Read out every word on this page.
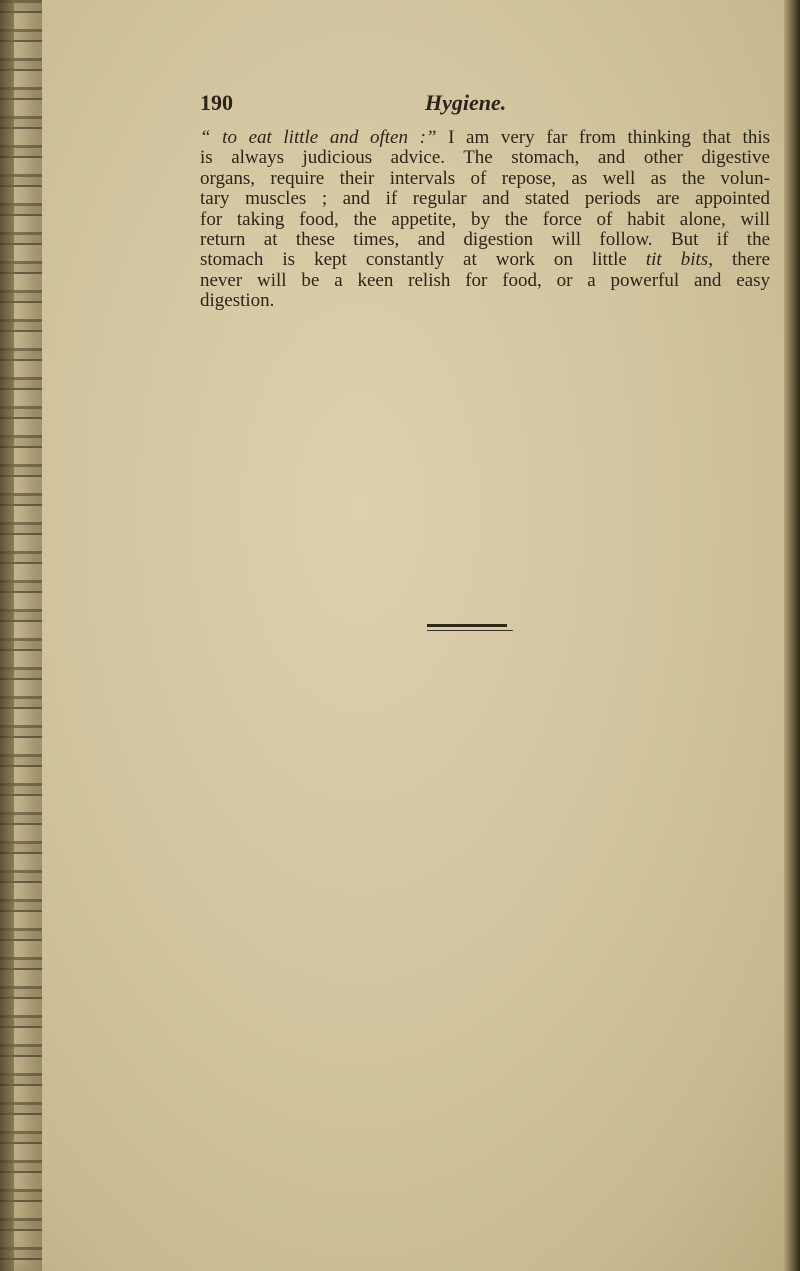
190	Hygiene.

“ to eat little and often :” I am very far from thinking that this
is always judicious advice. The stomach, and other digestive
organs, require their intervals of repose, as well as the volun-
tary muscles ; and if regular and stated periods are appointed
for taking food, the appetite, by the force of habit alone, will
return at these times, and digestion will follow. But if the
stomach is kept constantly at work on little tit bits, there
never will be a keen relish for food, or a powerful and easy
digestion.
